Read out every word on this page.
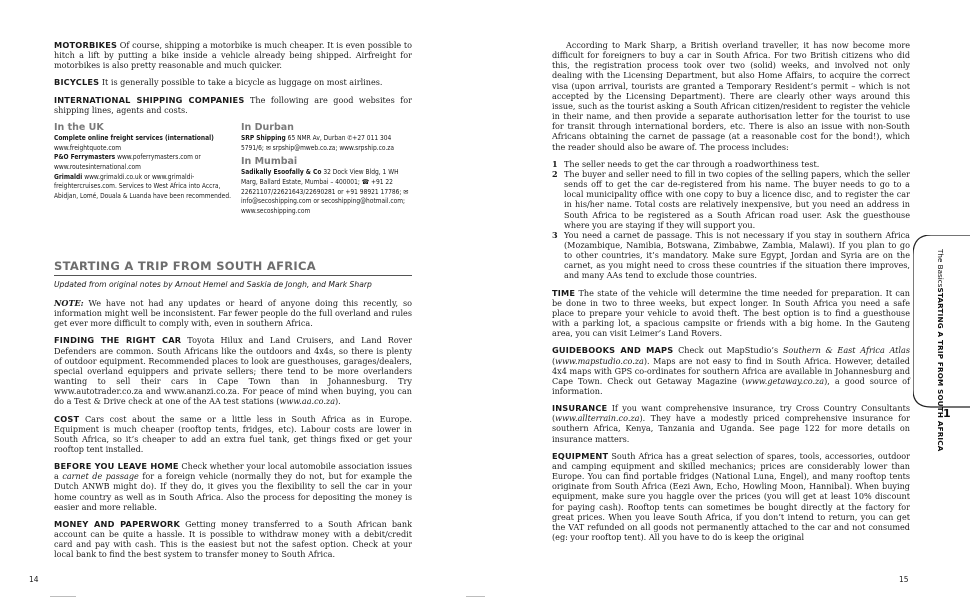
MOTORBIKES Of course, shipping a motorbike is much cheaper. It is even possible to hitch a lift by putting a bike inside a vehicle already being shipped. Airfreight for motorbikes is also pretty reasonable and much quicker.

BICYCLES It is generally possible to take a bicycle as luggage on most airlines.

INTERNATIONAL SHIPPING COMPANIES The following are good websites for shipping lines, agents and costs.

In the UK
Complete online freight services (international) www.freightquote.com
P&O Ferrymasters www.poferrymasters.com or www.routesinternational.com
Grimaldi www.grimaldi.co.uk or www.grimaldi-freightercruises.com. Services to West Africa into Accra, Abidjan, Lomé, Douala & Luanda have been recommended.
In Durban
SRP Shipping 65 NMR Av, Durban ✆+27 011 304 5791/6; ✉ srpship@mweb.co.za; www.srpship.co.za
In Mumbai
Sadikally Esoofally & Co 32 Dock View Bldg, 1 WH Marg, Ballard Estate, Mumbai – 400001; ☎ +91 22 22621107/22621643/22690281 or +91 98921 17786; ✉ info@secoshipping.com or secoshipping@hotmail.com; www.secoshipping.com
STARTING A TRIP FROM SOUTH AFRICA
Updated from original notes by Arnout Hemel and Saskia de Jongh, and Mark Sharp

NOTE: We have not had any updates or heard of anyone doing this recently, so information might well be inconsistent. Far fewer people do the full overland and rules get ever more difficult to comply with, even in southern Africa.

FINDING THE RIGHT CAR Toyota Hilux and Land Cruisers, and Land Rover Defenders are common. South Africans like the outdoors and 4x4s, so there is plenty of outdoor equipment. Recommended places to look are guesthouses, garages/dealers, special overland equippers and private sellers; there tend to be more overlanders wanting to sell their cars in Cape Town than in Johannesburg. Try www.autotrader.co.za and www.ananzi.co.za. For peace of mind when buying, you can do a Test & Drive check at one of the AA test stations (www.aa.co.za).

COST Cars cost about the same or a little less in South Africa as in Europe. Equipment is much cheaper (rooftop tents, fridges, etc). Labour costs are lower in South Africa, so it’s cheaper to add an extra fuel tank, get things fixed or get your rooftop tent installed.

BEFORE YOU LEAVE HOME Check whether your local automobile association issues a carnet de passage for a foreign vehicle (normally they do not, but for example the Dutch ANWB might do). If they do, it gives you the flexibility to sell the car in your home country as well as in South Africa. Also the process for depositing the money is easier and more reliable.

MONEY AND PAPERWORK Getting money transferred to a South African bank account can be quite a hassle. It is possible to withdraw money with a debit/credit card and pay with cash. This is the easiest but not the safest option. Check at your local bank to find the best system to transfer money to South Africa.

14

According to Mark Sharp, a British overland traveller, it has now become more difficult for foreigners to buy a car in South Africa. For two British citizens who did this, the registration process took over two (solid) weeks, and involved not only dealing with the Licensing Department, but also Home Affairs, to acquire the correct visa (upon arrival, tourists are granted a Temporary Resident’s permit – which is not accepted by the Licensing Department). There are clearly other ways around this issue, such as the tourist asking a South African citizen/resident to register the vehicle in their name, and then provide a separate authorisation letter for the tourist to use for transit through international borders, etc. There is also an issue with non-South Africans obtaining the carnet de passage (at a reasonable cost for the bond!), which the reader should also be aware of. The process includes:

1 The seller needs to get the car through a roadworthiness test.
2 The buyer and seller need to fill in two copies of the selling papers, which the seller sends off to get the car de-registered from his name. The buyer needs to go to a local municipality office with one copy to buy a licence disc, and to register the car in his/her name. Total costs are relatively inexpensive, but you need an address in South Africa to be registered as a South African road user. Ask the guesthouse where you are staying if they will support you.
3 You need a carnet de passage. This is not necessary if you stay in southern Africa (Mozambique, Namibia, Botswana, Zimbabwe, Zambia, Malawi). If you plan to go to other countries, it’s mandatory. Make sure Egypt, Jordan and Syria are on the carnet, as you might need to cross these countries if the situation there improves, and many AAs tend to exclude those countries.

TIME The state of the vehicle will determine the time needed for preparation. It can be done in two to three weeks, but expect longer. In South Africa you need a safe place to prepare your vehicle to avoid theft. The best option is to find a guesthouse with a parking lot, a spacious campsite or friends with a big home. In the Gauteng area, you can visit Leimer’s Land Rovers.

GUIDEBOOKS AND MAPS Check out MapStudio’s Southern & East Africa Atlas (www.mapstudio.co.za). Maps are not easy to find in South Africa. However, detailed 4x4 maps with GPS co-ordinates for southern Africa are available in Johannesburg and Cape Town. Check out Getaway Magazine (www.getaway.co.za), a good source of information.

INSURANCE If you want comprehensive insurance, try Cross Country Consultants (www.allterrain.co.za). They have a modestly priced comprehensive insurance for southern Africa, Kenya, Tanzania and Uganda. See page 122 for more details on insurance matters.

EQUIPMENT South Africa has a great selection of spares, tools, accessories, outdoor and camping equipment and skilled mechanics; prices are considerably lower than Europe. You can find portable fridges (National Luna, Engel), and many rooftop tents originate from South Africa (Eezi Awn, Echo, Howling Moon, Hannibal). When buying equipment, make sure you haggle over the prices (you will get at least 10% discount for paying cash). Rooftop tents can sometimes be bought directly at the factory for great prices. When you leave South Africa, if you don’t intend to return, you can get the VAT refunded on all goods not permanently attached to the car and not consumed (eg: your rooftop tent). All you have to do is keep the original

The BasicsSTARTING A TRIP FROM SOUTH AFRICA
1
15
